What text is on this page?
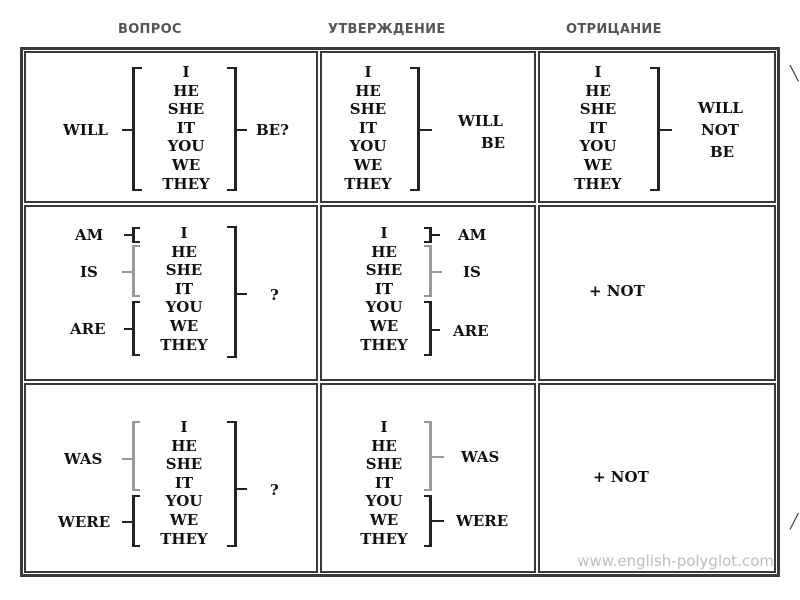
ВОПРОС	УТВЕРЖДЕНИЕ	ОТРИЦАНИЕ
WILL
I
HE
SHE
IT
YOU
WE
THEY
BE?
I
HE
SHE
IT
YOU
WE
THEY
WILL
BE
I
HE
SHE
IT
YOU
WE
THEY
WILL
NOT
BE
AM
IS
ARE
I
HE
SHE
IT
YOU
WE
THEY
?
I
HE
SHE
IT
YOU
WE
THEY
AM
IS
ARE
+ NOT
WAS
WERE
I
HE
SHE
IT
YOU
WE
THEY
?
I
HE
SHE
IT
YOU
WE
THEY
WAS
WERE
+ NOT
╲
╱
www.english-polyglot.com
